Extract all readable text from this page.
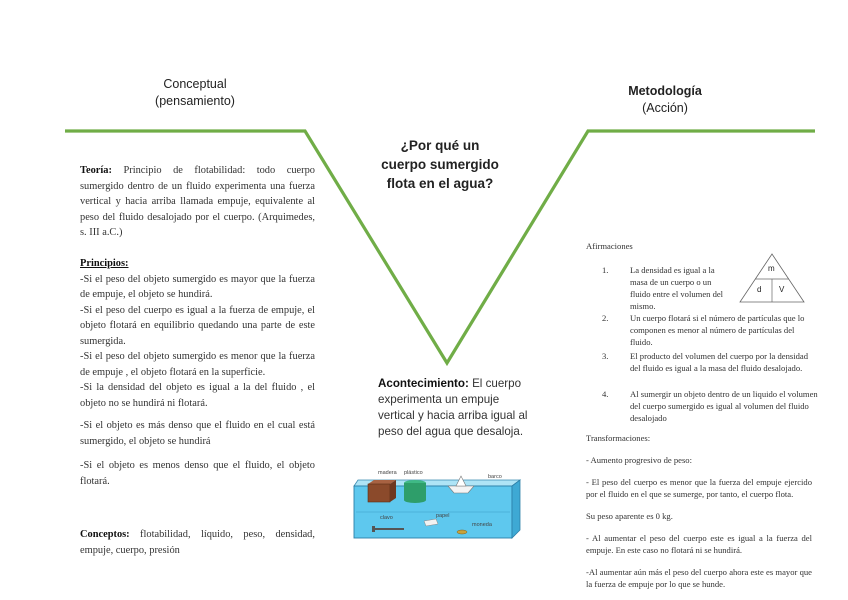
Conceptual
(pensamiento)
Metodología
(Acción)
¿Por qué un
cuerpo sumergido
flota en el agua?
Teoría: Principio de flotabilidad: todo cuerpo sumergido dentro de un fluido experimenta una fuerza vertical y hacia arriba llamada empuje, equivalente al peso del fluido desalojado por el cuerpo. (Arquimedes, s. III a.C.)

Principios:

-Si el peso del objeto sumergido es mayor que la fuerza de empuje, el objeto se hundirá.

-Si el peso del cuerpo es igual a la fuerza de empuje, el objeto flotará en equilibrio quedando una parte de este sumergida.

-Si el peso del objeto sumergido es menor que la fuerza de empuje , el objeto flotará en la superficie.

-Si la densidad del objeto es igual a la del fluido , el objeto no se hundirá ni flotará.

-Si el objeto es más denso que el fluido en el cual está sumergido, el objeto se hundirá
-Si el objeto es menos denso que el fluido, el objeto flotará.
Conceptos: flotabilidad, líquido, peso, densidad, empuje, cuerpo, presión
Acontecimiento: El cuerpo experimenta un empuje vertical y hacia arriba igual al peso del agua que desaloja.
madera plástico
barco
clavo	papel
moneda
Afirmaciones
1.	La densidad es igual a la masa de un cuerpo o un fluido entre el volumen del mismo.
2.	Un cuerpo flotará si el número de partículas que lo componen es menor al número de partículas del fluido.
3.	El producto del volumen del cuerpo por la densidad del fluido es igual a la masa del fluido desalojado.
4.	Al sumergir un objeto dentro de un liquido el volumen del cuerpo sumergido es igual al volumen del fluido desalojado
m
d V

Transformaciones:

- Aumento progresivo de peso:

- El peso del cuerpo es menor que la fuerza del empuje ejercido por el fluido en el que se sumerge, por tanto, el cuerpo flota.

Su peso aparente es 0 kg.

- Al aumentar el peso del cuerpo este es igual a la fuerza del empuje. En este caso no flotará ni se hundirá.

-Al aumentar aún más el peso del cuerpo ahora este es mayor que la fuerza de empuje por lo que se hunde.
